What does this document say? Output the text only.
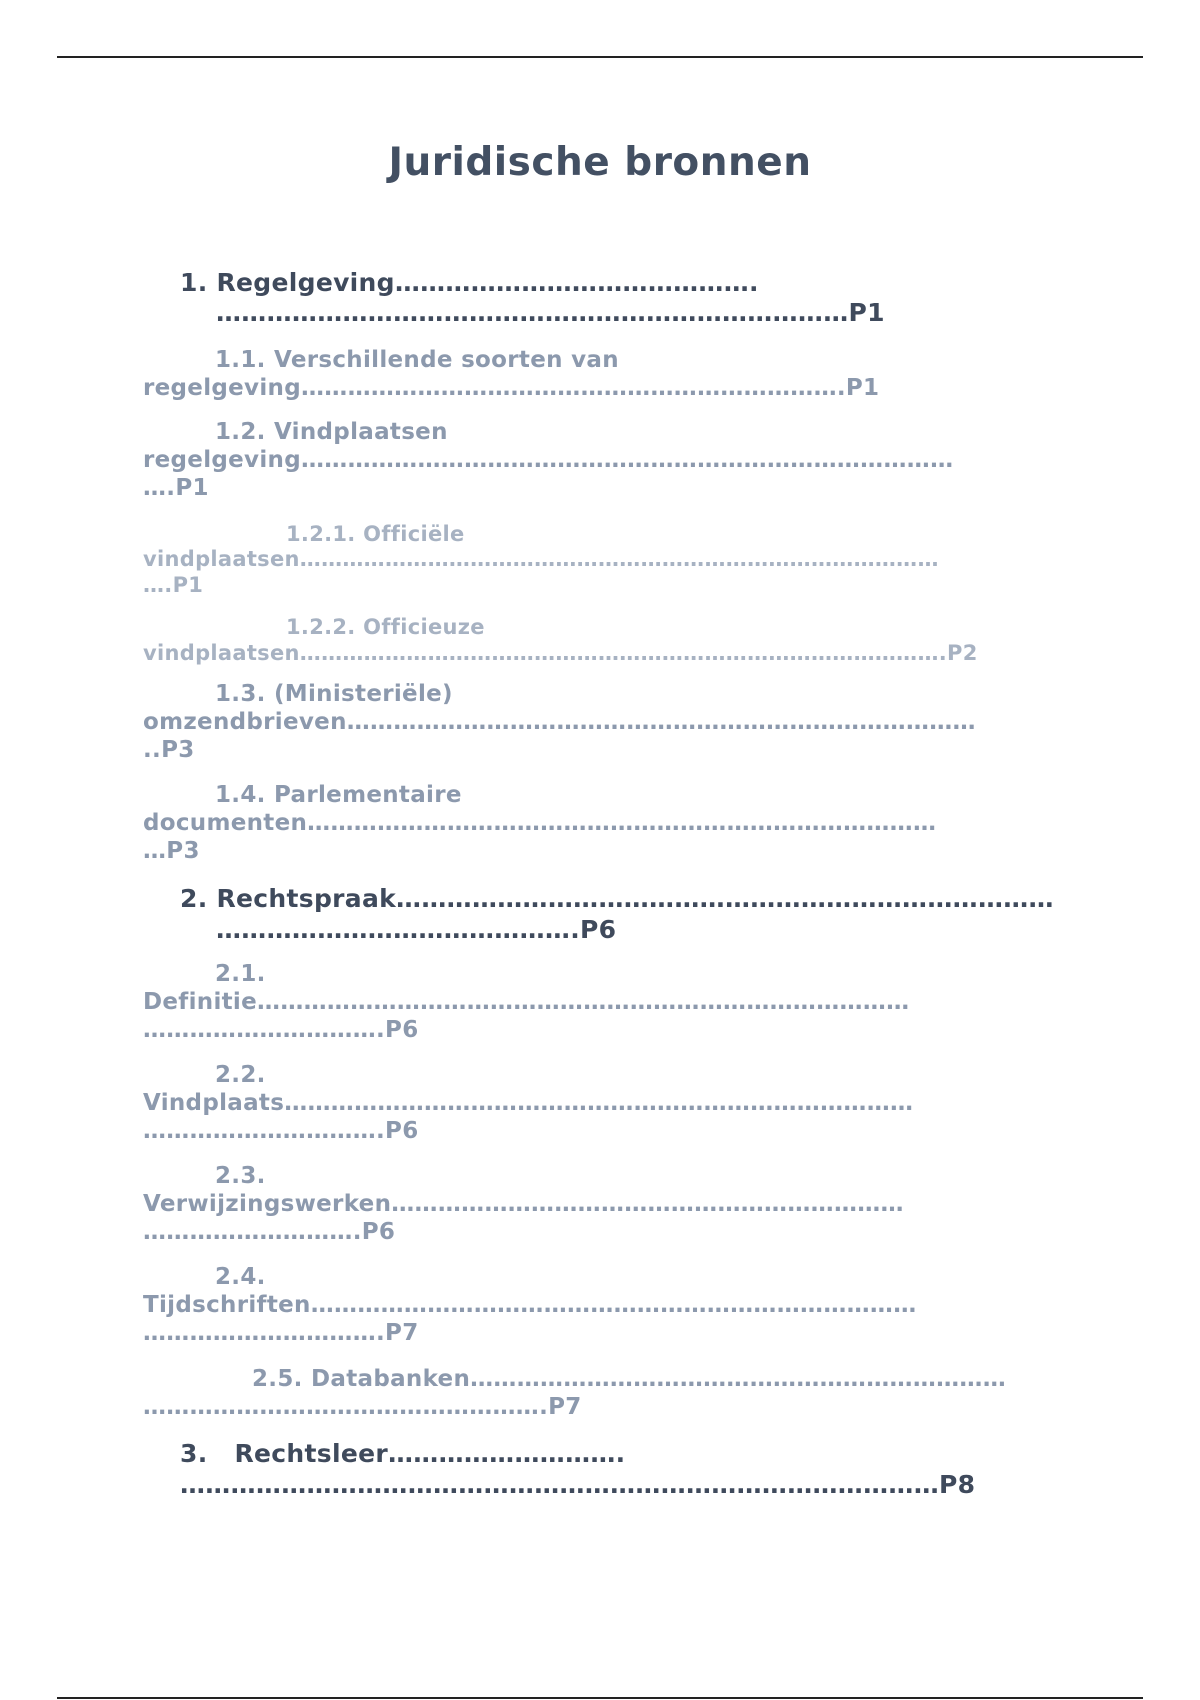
Juridische bronnen
1. Regelgeving…………………………………….
…………………………………………………………………P1
1.1. Verschillende soorten van
regelgeving…………………………………………………………….P1
1.2. Vindplaatsen
regelgeving…………………………………………………………………………
….P1
1.2.1. Officiële
vindplaatsen………………………………………………………………………………
….P1
1.2.2. Officieuze
vindplaatsen……………………………………………………………………………….P2
1.3. (Ministeriële)
omzendbrieven………………………………………………………………………
..P3
1.4. Parlementaire
documenten………………………………………………………………………
…P3
2. Rechtspraak……………………………………………………………………
…………………………………….P6
2.1.
Definitie…………………………………………………………………………
………………………….P6
2.2.
Vindplaats………………………………………………………………………
………………………….P6
2.3.
Verwijzingswerken…………………………………………………………
……………………….P6
2.4.
Tijdschriften……………………………………………………………………
………………………….P7
2.5. Databanken……………………………………………………………
…………………………………………….P7
3.   Rechtsleer……………………….
………………………………………………………………………………P8
